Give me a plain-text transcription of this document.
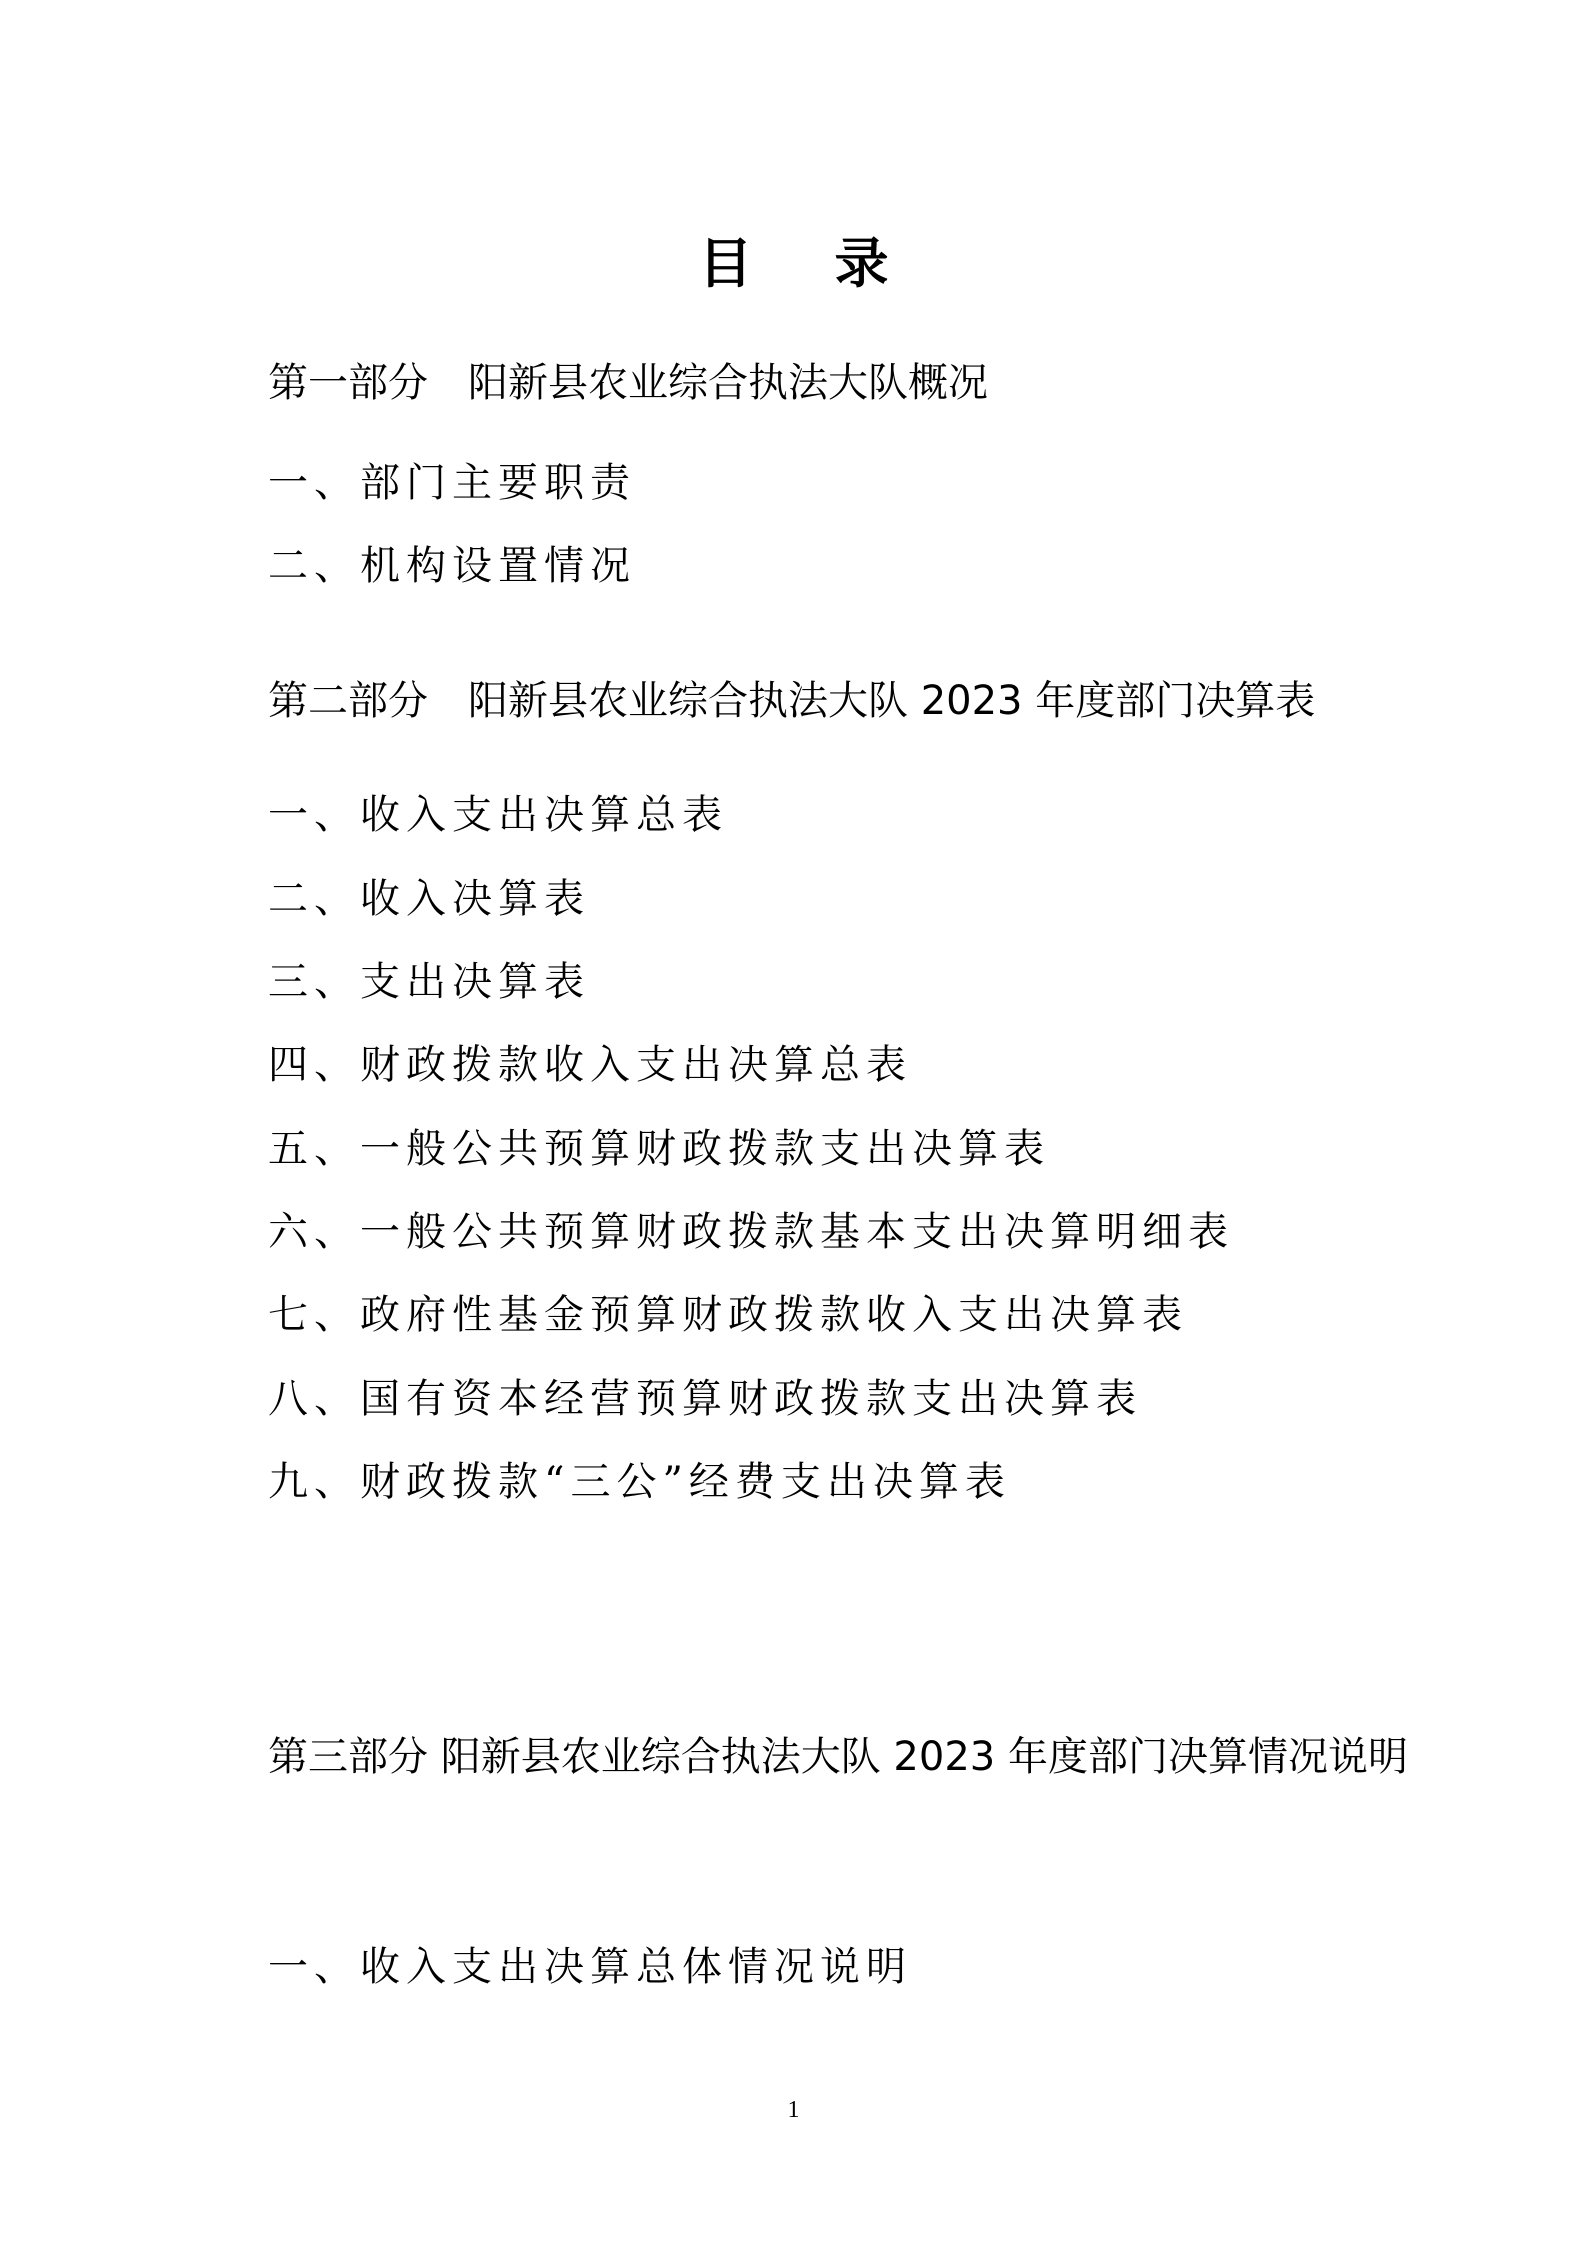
目录
第一部分 阳新县农业综合执法大队概况
一、部门主要职责
二、机构设置情况
第二部分 阳新县农业综合执法大队 2023 年度部门决算表
一、收入支出决算总表
二、收入决算表
三、支出决算表
四、财政拨款收入支出决算总表
五、一般公共预算财政拨款支出决算表
六、一般公共预算财政拨款基本支出决算明细表
七、政府性基金预算财政拨款收入支出决算表
八、国有资本经营预算财政拨款支出决算表
九、财政拨款“三公”经费支出决算表
第三部分 阳新县农业综合执法大队 2023 年度部门决算情况说明
一、收入支出决算总体情况说明
1
